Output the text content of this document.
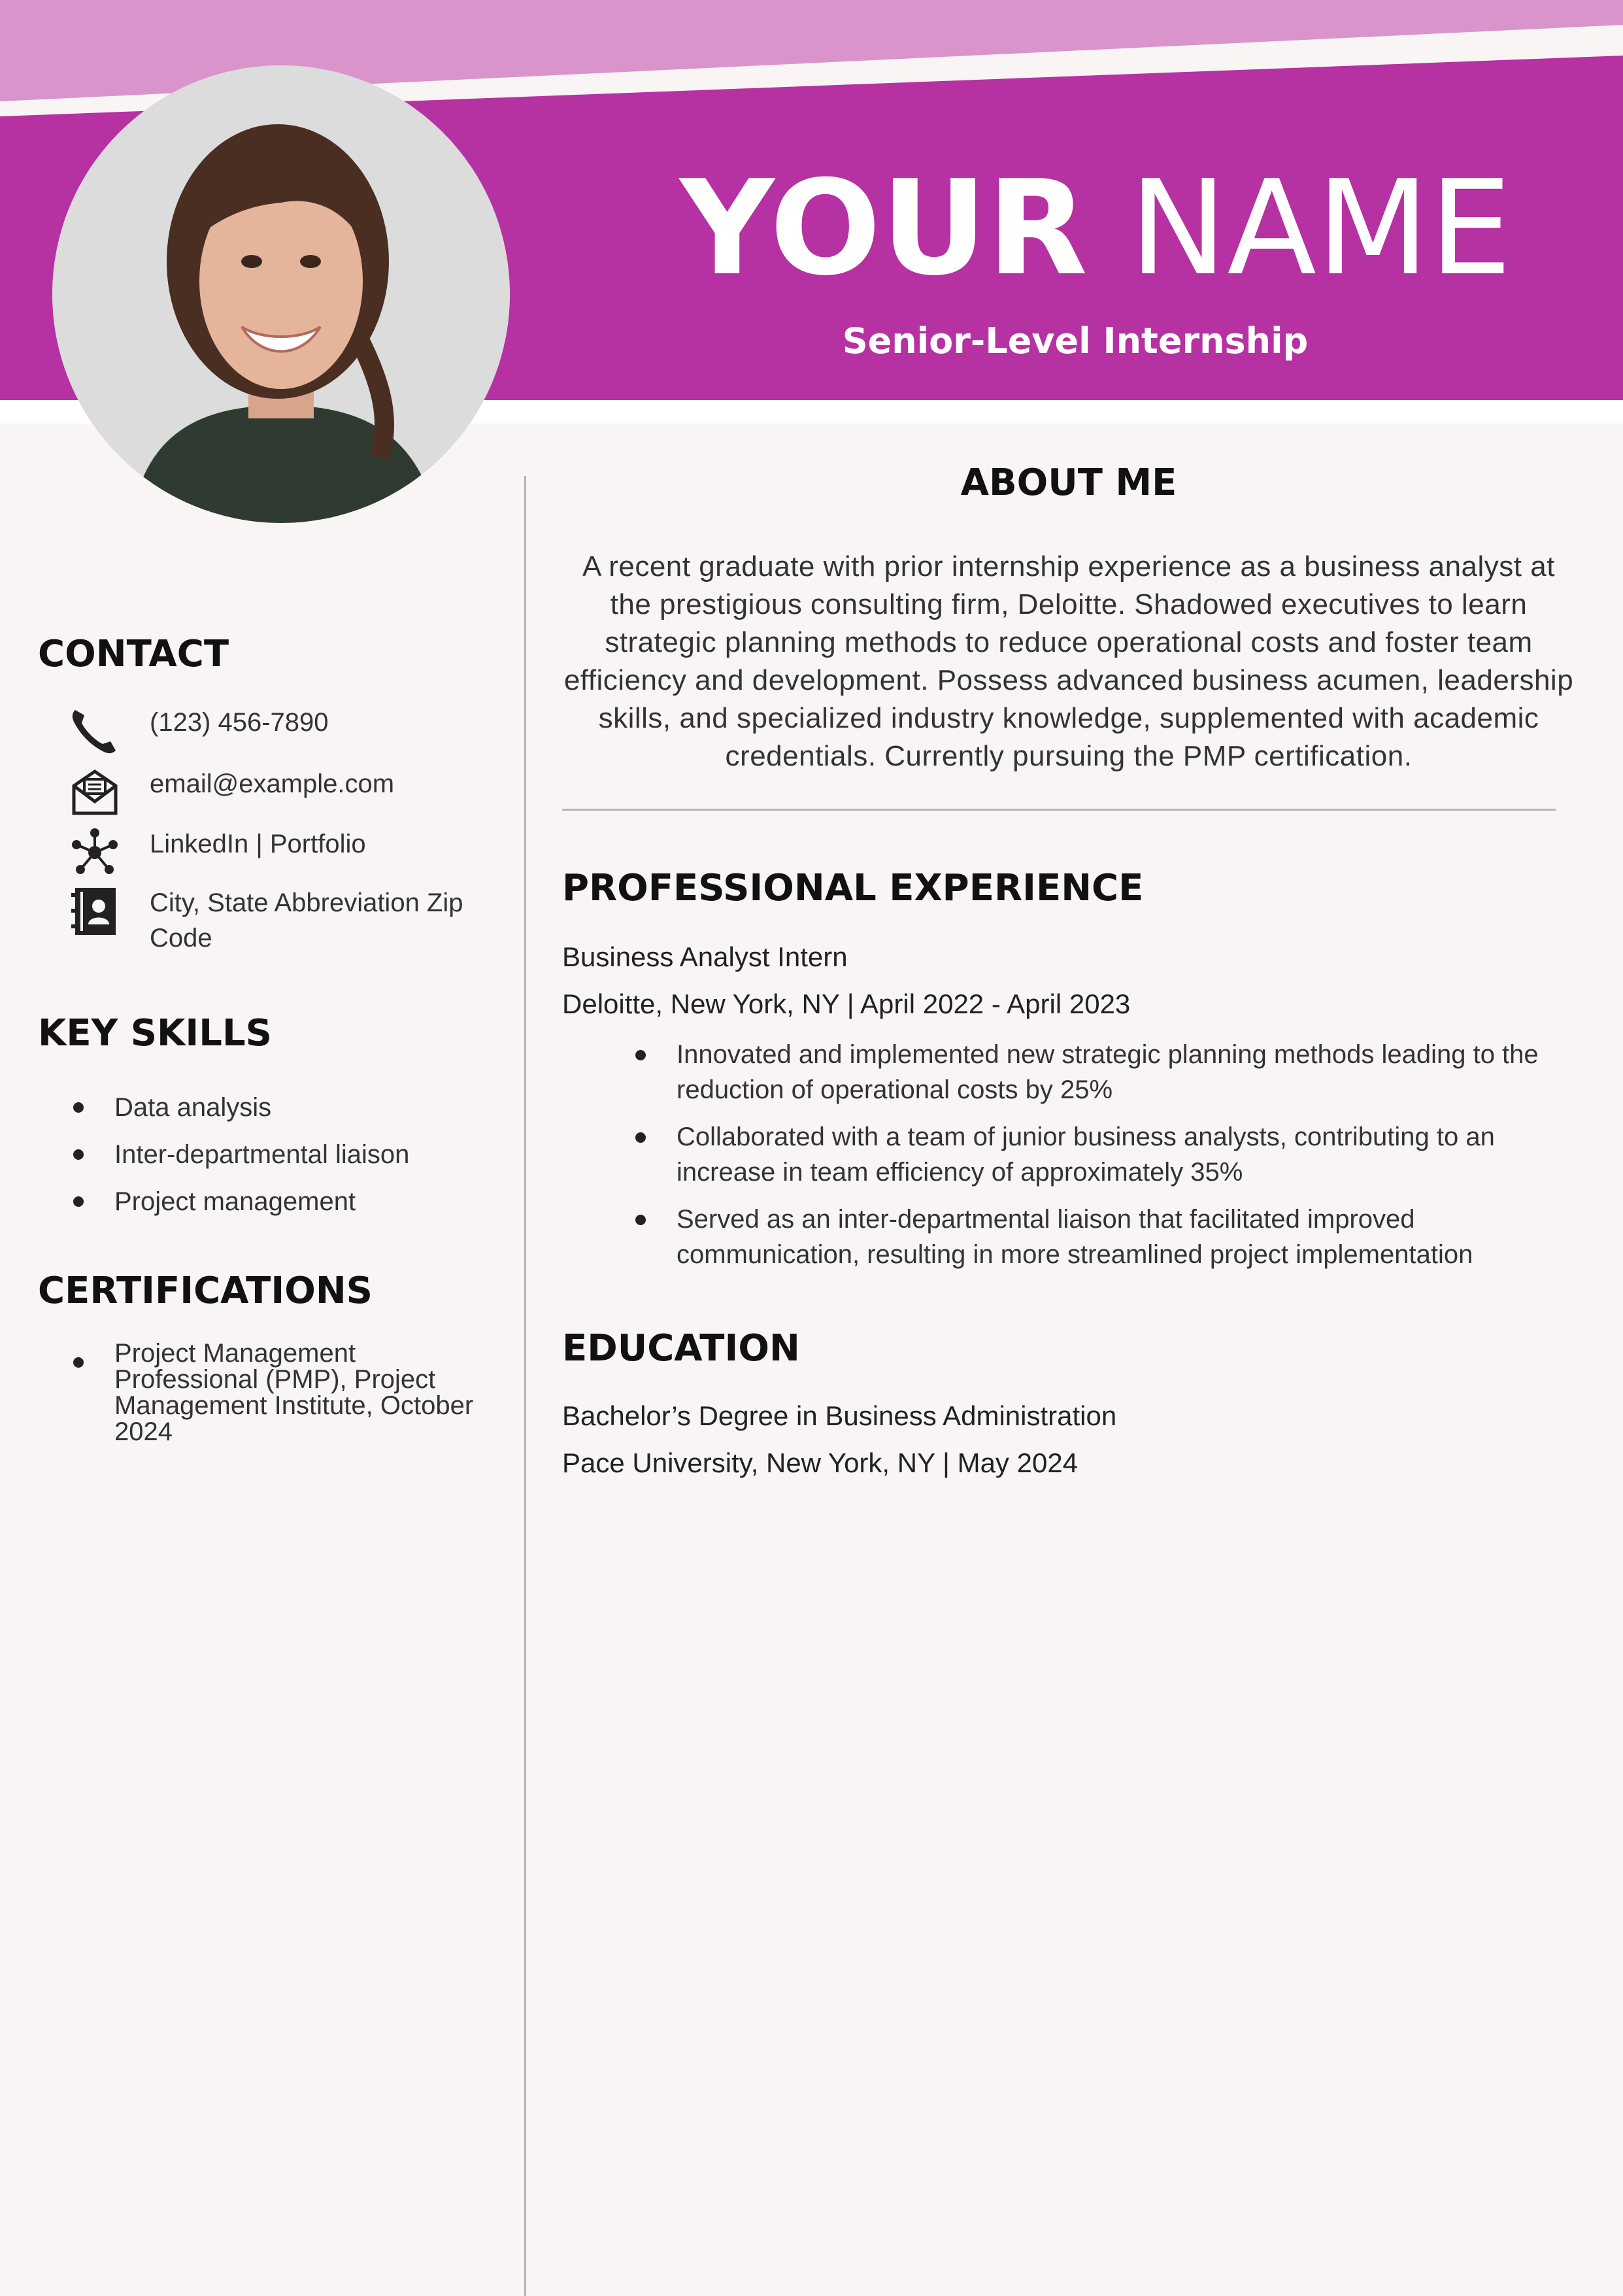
YOUR NAME
Senior-Level Internship
CONTACT
(123) 456-7890
email@example.com
LinkedIn | Portfolio
City, State Abbreviation Zip Code
KEY SKILLS
Data analysis
Inter-departmental liaison
Project management
CERTIFICATIONS
Project Management Professional (PMP), Project Management Institute, October 2024
ABOUT ME
A recent graduate with prior internship experience as a business analyst at the prestigious consulting firm, Deloitte. Shadowed executives to learn strategic planning methods to reduce operational costs and foster team efficiency and development. Possess advanced business acumen, leadership skills, and specialized industry knowledge, supplemented with academic credentials. Currently pursuing the PMP certification.
PROFESSIONAL EXPERIENCE
Business Analyst Intern
Deloitte, New York, NY | April 2022 - April 2023
Innovated and implemented new strategic planning methods leading to the reduction of operational costs by 25%
Collaborated with a team of junior business analysts, contributing to an increase in team efficiency of approximately 35%
Served as an inter-departmental liaison that facilitated improved communication, resulting in more streamlined project implementation
EDUCATION
Bachelor’s Degree in Business Administration
Pace University, New York, NY | May 2024
